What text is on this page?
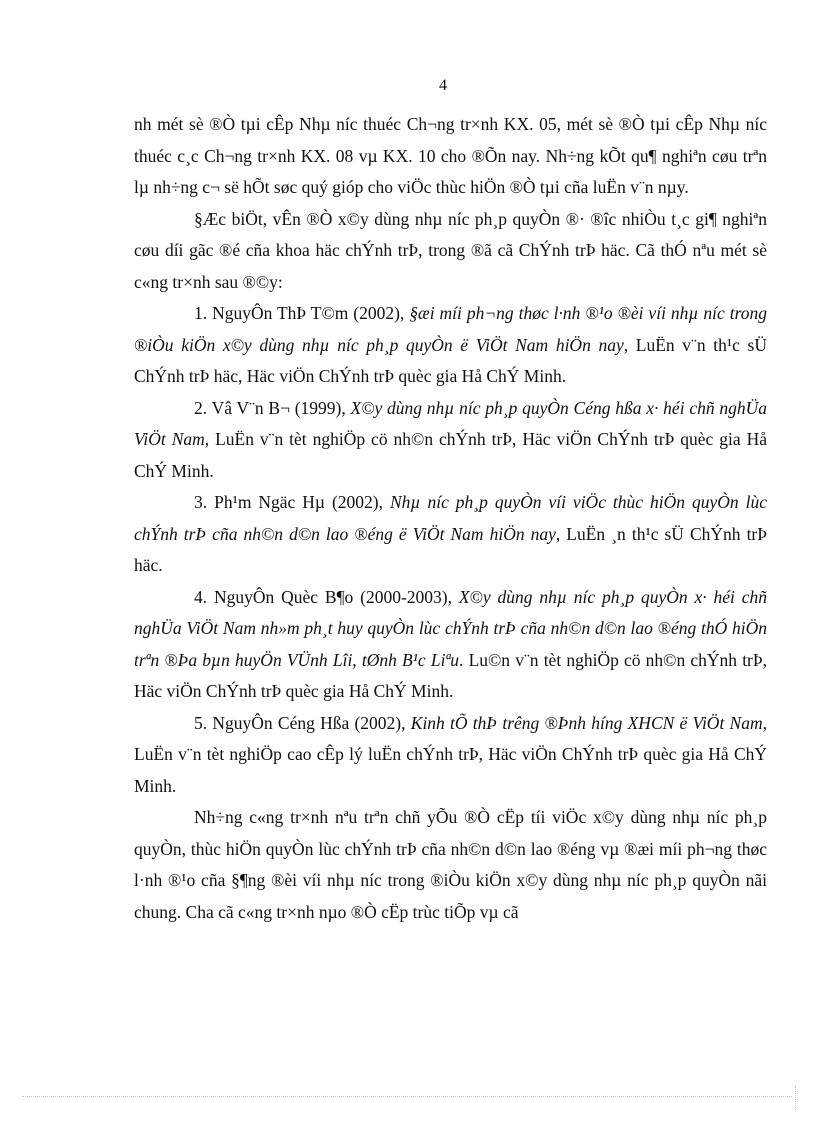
4

nh mét sè ®Ò tµi cÊp Nhµ níc thuéc Ch¬ng tr×nh KX. 05, mét sè ®Ò tµi cÊp Nhµ níc thuéc c¸c Ch¬ng tr×nh KX. 08 vµ KX. 10 cho ®Õn nay. Nh÷ng kÕt qu¶ nghiªn cøu trªn lµ nh÷ng c¬ së hÕt søc quý gióp cho viÖc thùc hiÖn ®Ò tµi cña luËn v¨n nµy.

§Æc biÖt, vÊn ®Ò x©y dùng nhµ níc ph¸p quyÒn ®· ®îc nhiÒu t¸c gi¶ nghiªn cøu díi gãc ®é cña khoa häc chÝnh trÞ, trong ®ã cã ChÝnh trÞ häc. Cã thÓ nªu mét sè c«ng tr×nh sau ®©y:

1. NguyÔn ThÞ T©m (2002), §æi míi ph¬ng thøc l·nh ®¹o ®èi víi nhµ níc trong ®iÒu kiÖn x©y dùng nhµ níc ph¸p quyÒn ë ViÖt Nam hiÖn nay, LuËn v¨n th¹c sÜ ChÝnh trÞ häc, Häc viÖn ChÝnh trÞ quèc gia Hå ChÝ Minh.

2. Vâ V¨n B¬ (1999), X©y dùng nhµ níc ph¸p quyÒn Céng hßa x· héi chñ nghÜa ViÖt Nam, LuËn v¨n tèt nghiÖp cö nh©n chÝnh trÞ, Häc viÖn ChÝnh trÞ quèc gia Hå ChÝ Minh.

3. Ph¹m Ngäc Hµ (2002), Nhµ níc ph¸p quyÒn víi viÖc thùc hiÖn quyÒn lùc chÝnh trÞ cña nh©n d©n lao ®éng ë ViÖt Nam hiÖn nay, LuËn ¸n th¹c sÜ ChÝnh trÞ häc.

4. NguyÔn Quèc B¶o (2000-2003), X©y dùng nhµ níc ph¸p quyÒn x· héi chñ nghÜa ViÖt Nam nh»m ph¸t huy quyÒn lùc chÝnh trÞ cña nh©n d©n lao ®éng thÓ hiÖn trªn ®Þa bµn huyÖn VÜnh Lîi, tØnh B¹c Liªu. Lu©n v¨n tèt nghiÖp cö nh©n chÝnh trÞ, Häc viÖn ChÝnh trÞ quèc gia Hå ChÝ Minh.

5. NguyÔn Céng Hßa (2002), Kinh tÕ thÞ trêng ®Þnh híng XHCN ë ViÖt Nam, LuËn v¨n tèt nghiÖp cao cÊp lý luËn chÝnh trÞ, Häc viÖn ChÝnh trÞ quèc gia Hå ChÝ Minh.

Nh÷ng c«ng tr×nh nªu trªn chñ yÕu ®Ò cËp tíi viÖc x©y dùng nhµ níc ph¸p quyÒn, thùc hiÖn quyÒn lùc chÝnh trÞ cña nh©n d©n lao ®éng vµ ®æi míi ph¬ng thøc l·nh ®¹o cña §¶ng ®èi víi nhµ níc trong ®iÒu kiÖn x©y dùng nhµ níc ph¸p quyÒn nãi chung. Cha cã c«ng tr×nh nµo ®Ò cËp trùc tiÕp vµ cã
